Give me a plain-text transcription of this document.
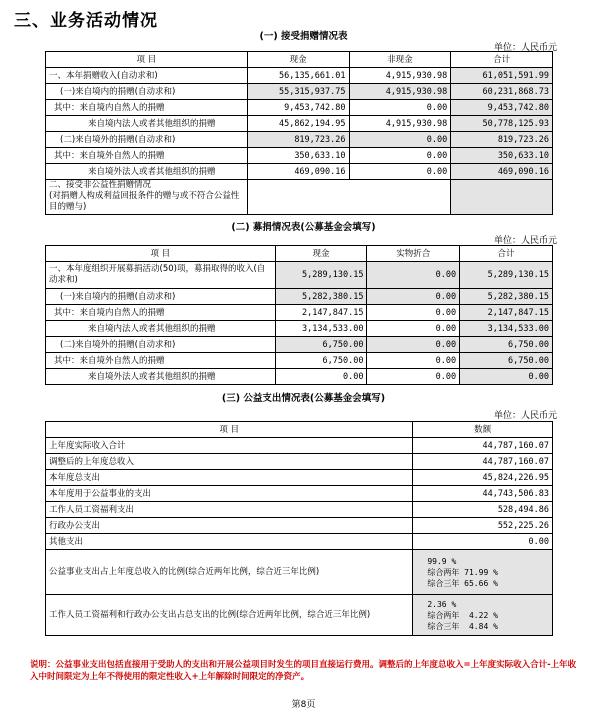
三、业务活动情况
(一) 接受捐赠情况表
单位：人民币元
项 目	现金	非现金	合计
一、本年捐赠收入(自动求和)	56,135,661.01	4,915,930.98	61,051,591.99
(一)来自境内的捐赠(自动求和)	55,315,937.75	4,915,930.98	60,231,868.73
其中：来自境内自然人的捐赠	9,453,742.80	0.00	9,453,742.80
来自境内法人或者其他组织的捐赠	45,862,194.95	4,915,930.98	50,778,125.93
(二)来自境外的捐赠(自动求和)	819,723.26	0.00	819,723.26
其中：来自境外自然人的捐赠	350,633.10	0.00	350,633.10
来自境外法人或者其他组织的捐赠	469,090.16	0.00	469,090.16
二、接受非公益性捐赠情况
(对捐赠人构成利益回报条件的赠与或不符合公益性目的赠与)			
(二) 募捐情况表(公募基金会填写)
单位：人民币元
项 目	现金	实物折合	合计
一、本年度组织开展募捐活动(50)项，募捐取得的收入(自动求和)	5,289,130.15	0.00	5,289,130.15
(一)来自境内的捐赠(自动求和)	5,282,380.15	0.00	5,282,380.15
其中：来自境内自然人的捐赠	2,147,847.15	0.00	2,147,847.15
来自境内法人或者其他组织的捐赠	3,134,533.00	0.00	3,134,533.00
(二)来自境外的捐赠(自动求和)	6,750.00	0.00	6,750.00
其中：来自境外自然人的捐赠	6,750.00	0.00	6,750.00
来自境外法人或者其他组织的捐赠	0.00	0.00	0.00
(三) 公益支出情况表(公募基金会填写)
单位：人民币元
项 目	数额
上年度实际收入合计	44,787,160.07
调整后的上年度总收入	44,787,160.07
本年度总支出	45,824,226.95
本年度用于公益事业的支出	44,743,506.83
工作人员工资福利支出	528,494.86
行政办公支出	552,225.26
其他支出	0.00
公益事业支出占上年度总收入的比例(综合近两年比例，综合近三年比例)	99.9 %
综合两年 71.99 %
综合三年 65.66 %
工作人员工资福利和行政办公支出占总支出的比例(综合近两年比例，综合近三年比例)	2.36 %
综合两年  4.22 %
综合三年  4.84 %
说明：公益事业支出包括直接用于受助人的支出和开展公益项目时发生的项目直接运行费用。调整后的上年度总收入=上年度实际收入合计-上年收入中时间限定为上年不得使用的限定性收入+上年解除时间限定的净资产。
第8页
